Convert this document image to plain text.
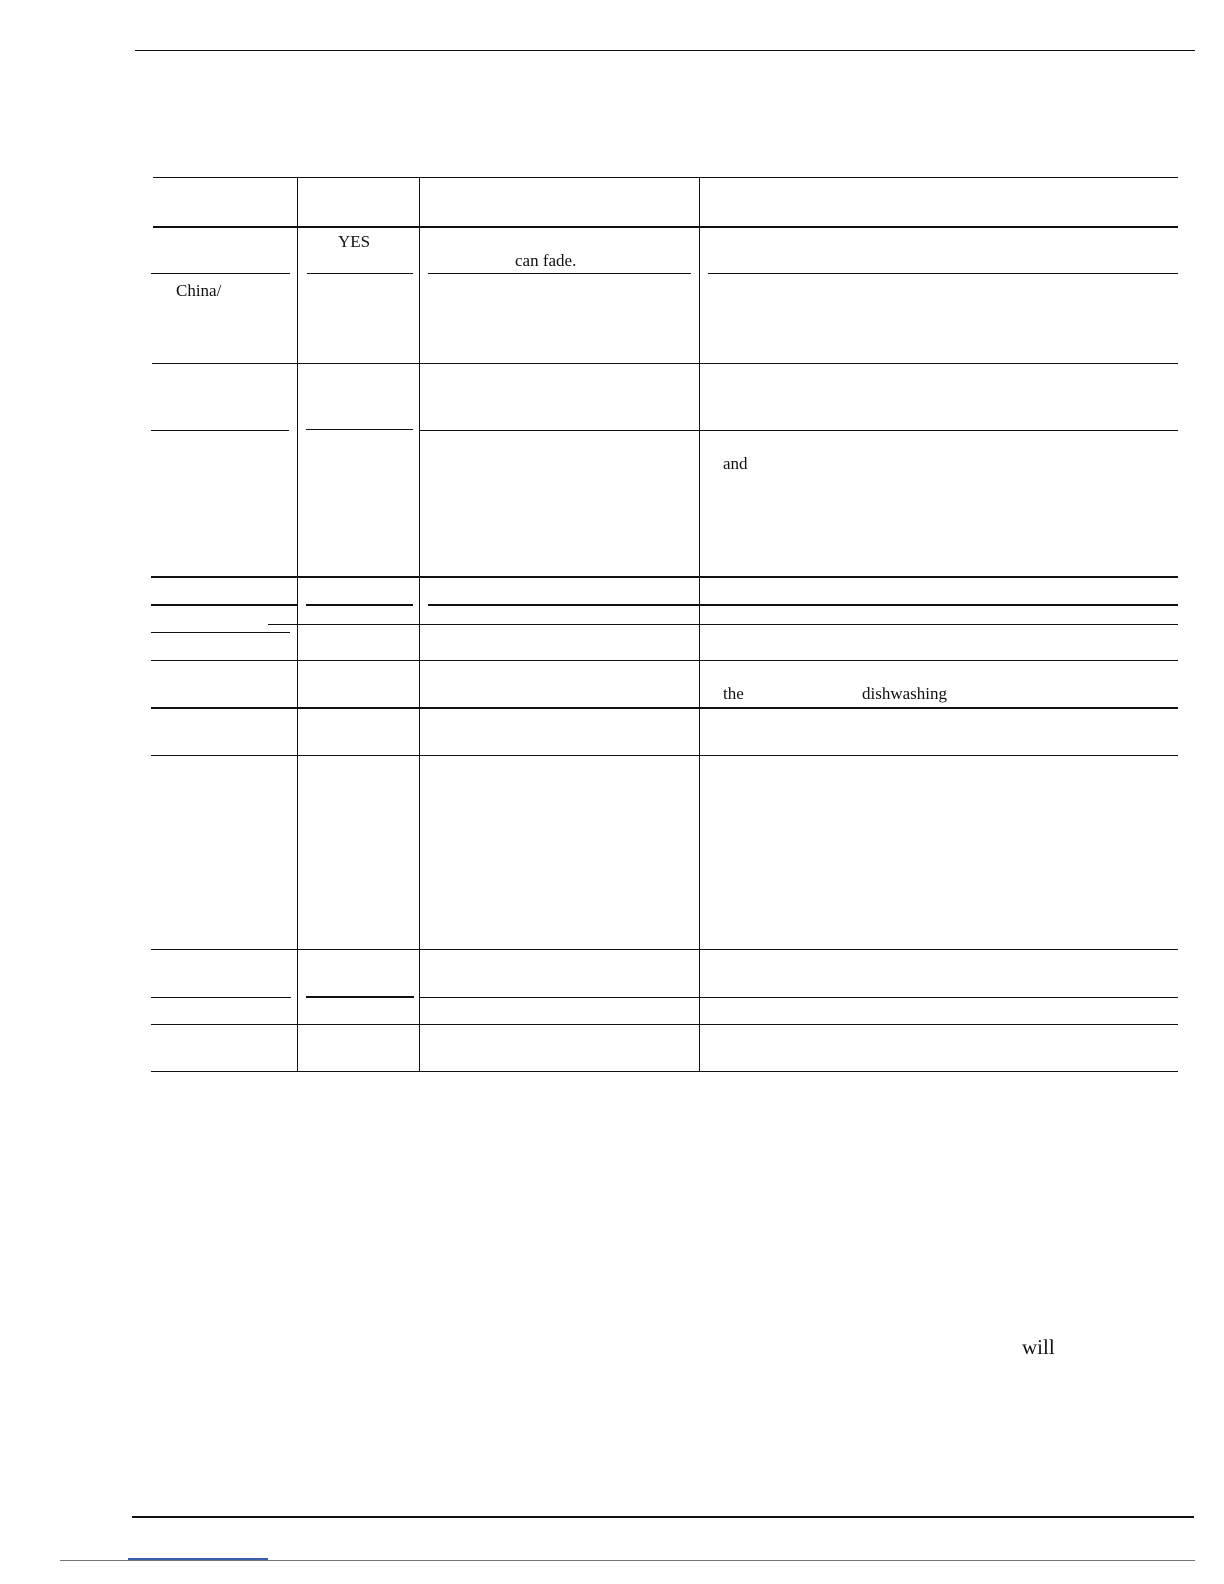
YES
can fade.
China/
and
the	dishwashing
will
